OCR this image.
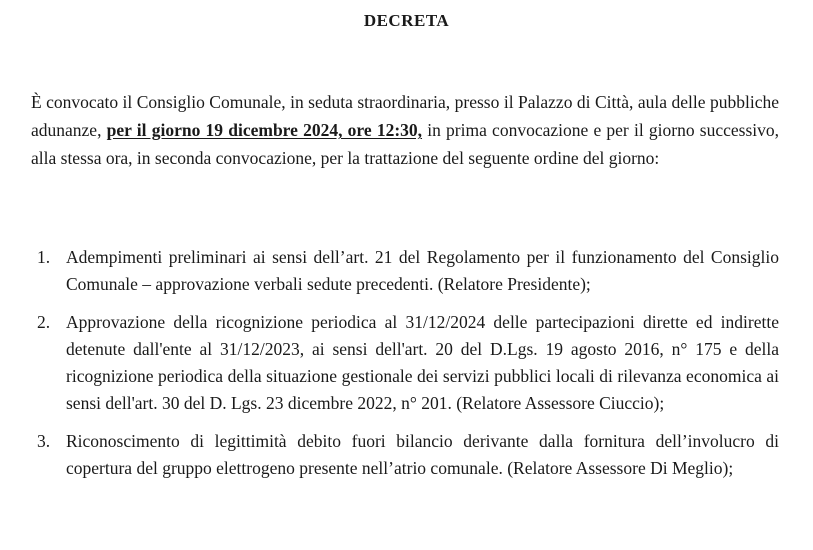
DECRETA

È convocato il Consiglio Comunale, in seduta straordinaria, presso il Palazzo di Città, aula delle pubbliche adunanze, per il giorno 19 dicembre 2024, ore 12:30, in prima convocazione e per il giorno successivo, alla stessa ora, in seconda convocazione, per la trattazione del seguente ordine del giorno:

1. Adempimenti preliminari ai sensi dell’art. 21 del Regolamento per il funzionamento del Consiglio Comunale – approvazione verbali sedute precedenti. (Relatore Presidente);
2. Approvazione della ricognizione periodica al 31/12/2024 delle partecipazioni dirette ed indirette detenute dall'ente al 31/12/2023, ai sensi dell'art. 20 del D.Lgs. 19 agosto 2016, n° 175 e della ricognizione periodica della situazione gestionale dei servizi pubblici locali di rilevanza economica ai sensi dell'art. 30 del D. Lgs. 23 dicembre 2022, n° 201. (Relatore Assessore Ciuccio);
3. Riconoscimento di legittimità debito fuori bilancio derivante dalla fornitura dell’involucro di copertura del gruppo elettrogeno presente nell’atrio comunale. (Relatore Assessore Di Meglio);
